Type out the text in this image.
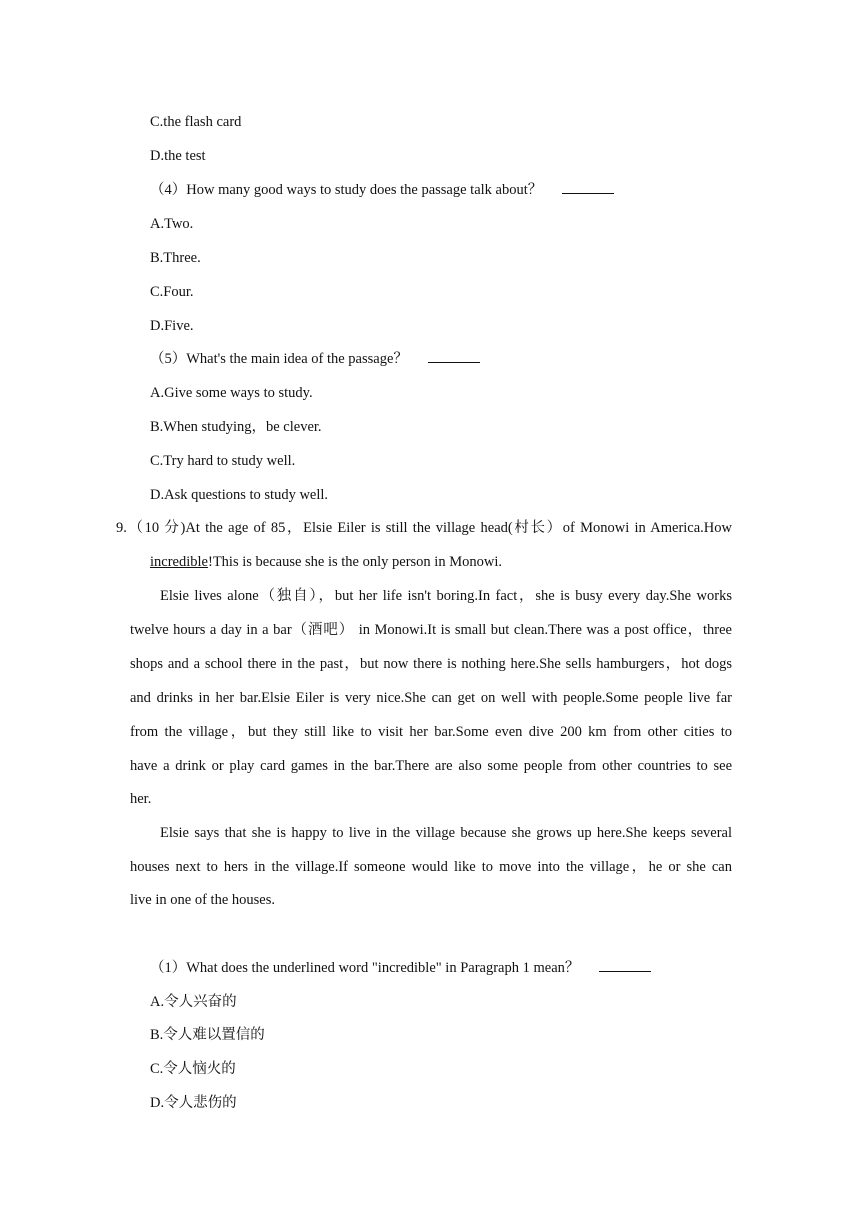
C.the flash card
D.the test
（4）How many good ways to study does the passage talk about？
A.Two.
B.Three.
C.Four.
D.Five.
（5）What's the main idea of the passage？
A.Give some ways to study.
B.When studying，be clever.
C.Try hard to study well.
D.Ask questions to study well.
9.（10 分)At the age of 85，Elsie Eiler is still the village head(村长）of Monowi in America.How
incredible!This is because she is the only person in Monowi.
Elsie lives alone（独自），but her life isn't boring.In fact，she is busy every day.She works
twelve hours a day in a bar（酒吧） in Monowi.It is small but clean.There was a post office，three
shops and a school there in the past，but now there is nothing here.She sells hamburgers，hot dogs
and drinks in her bar.Elsie Eiler is very nice.She can get on well with people.Some people live far
from the village，but they still like to visit her bar.Some even dive 200 km from other cities to
have a drink or play card games in the bar.There are also some people from other countries to see
her.
Elsie says that she is happy to live in the village because she grows up here.She keeps several
houses next to hers in the village.If someone would like to move into the village，he or she can
live in one of the houses.
（1）What does the underlined word "incredible" in Paragraph 1 mean？
A.令人兴奋的
B.令人难以置信的
C.令人恼火的
D.令人悲伤的
